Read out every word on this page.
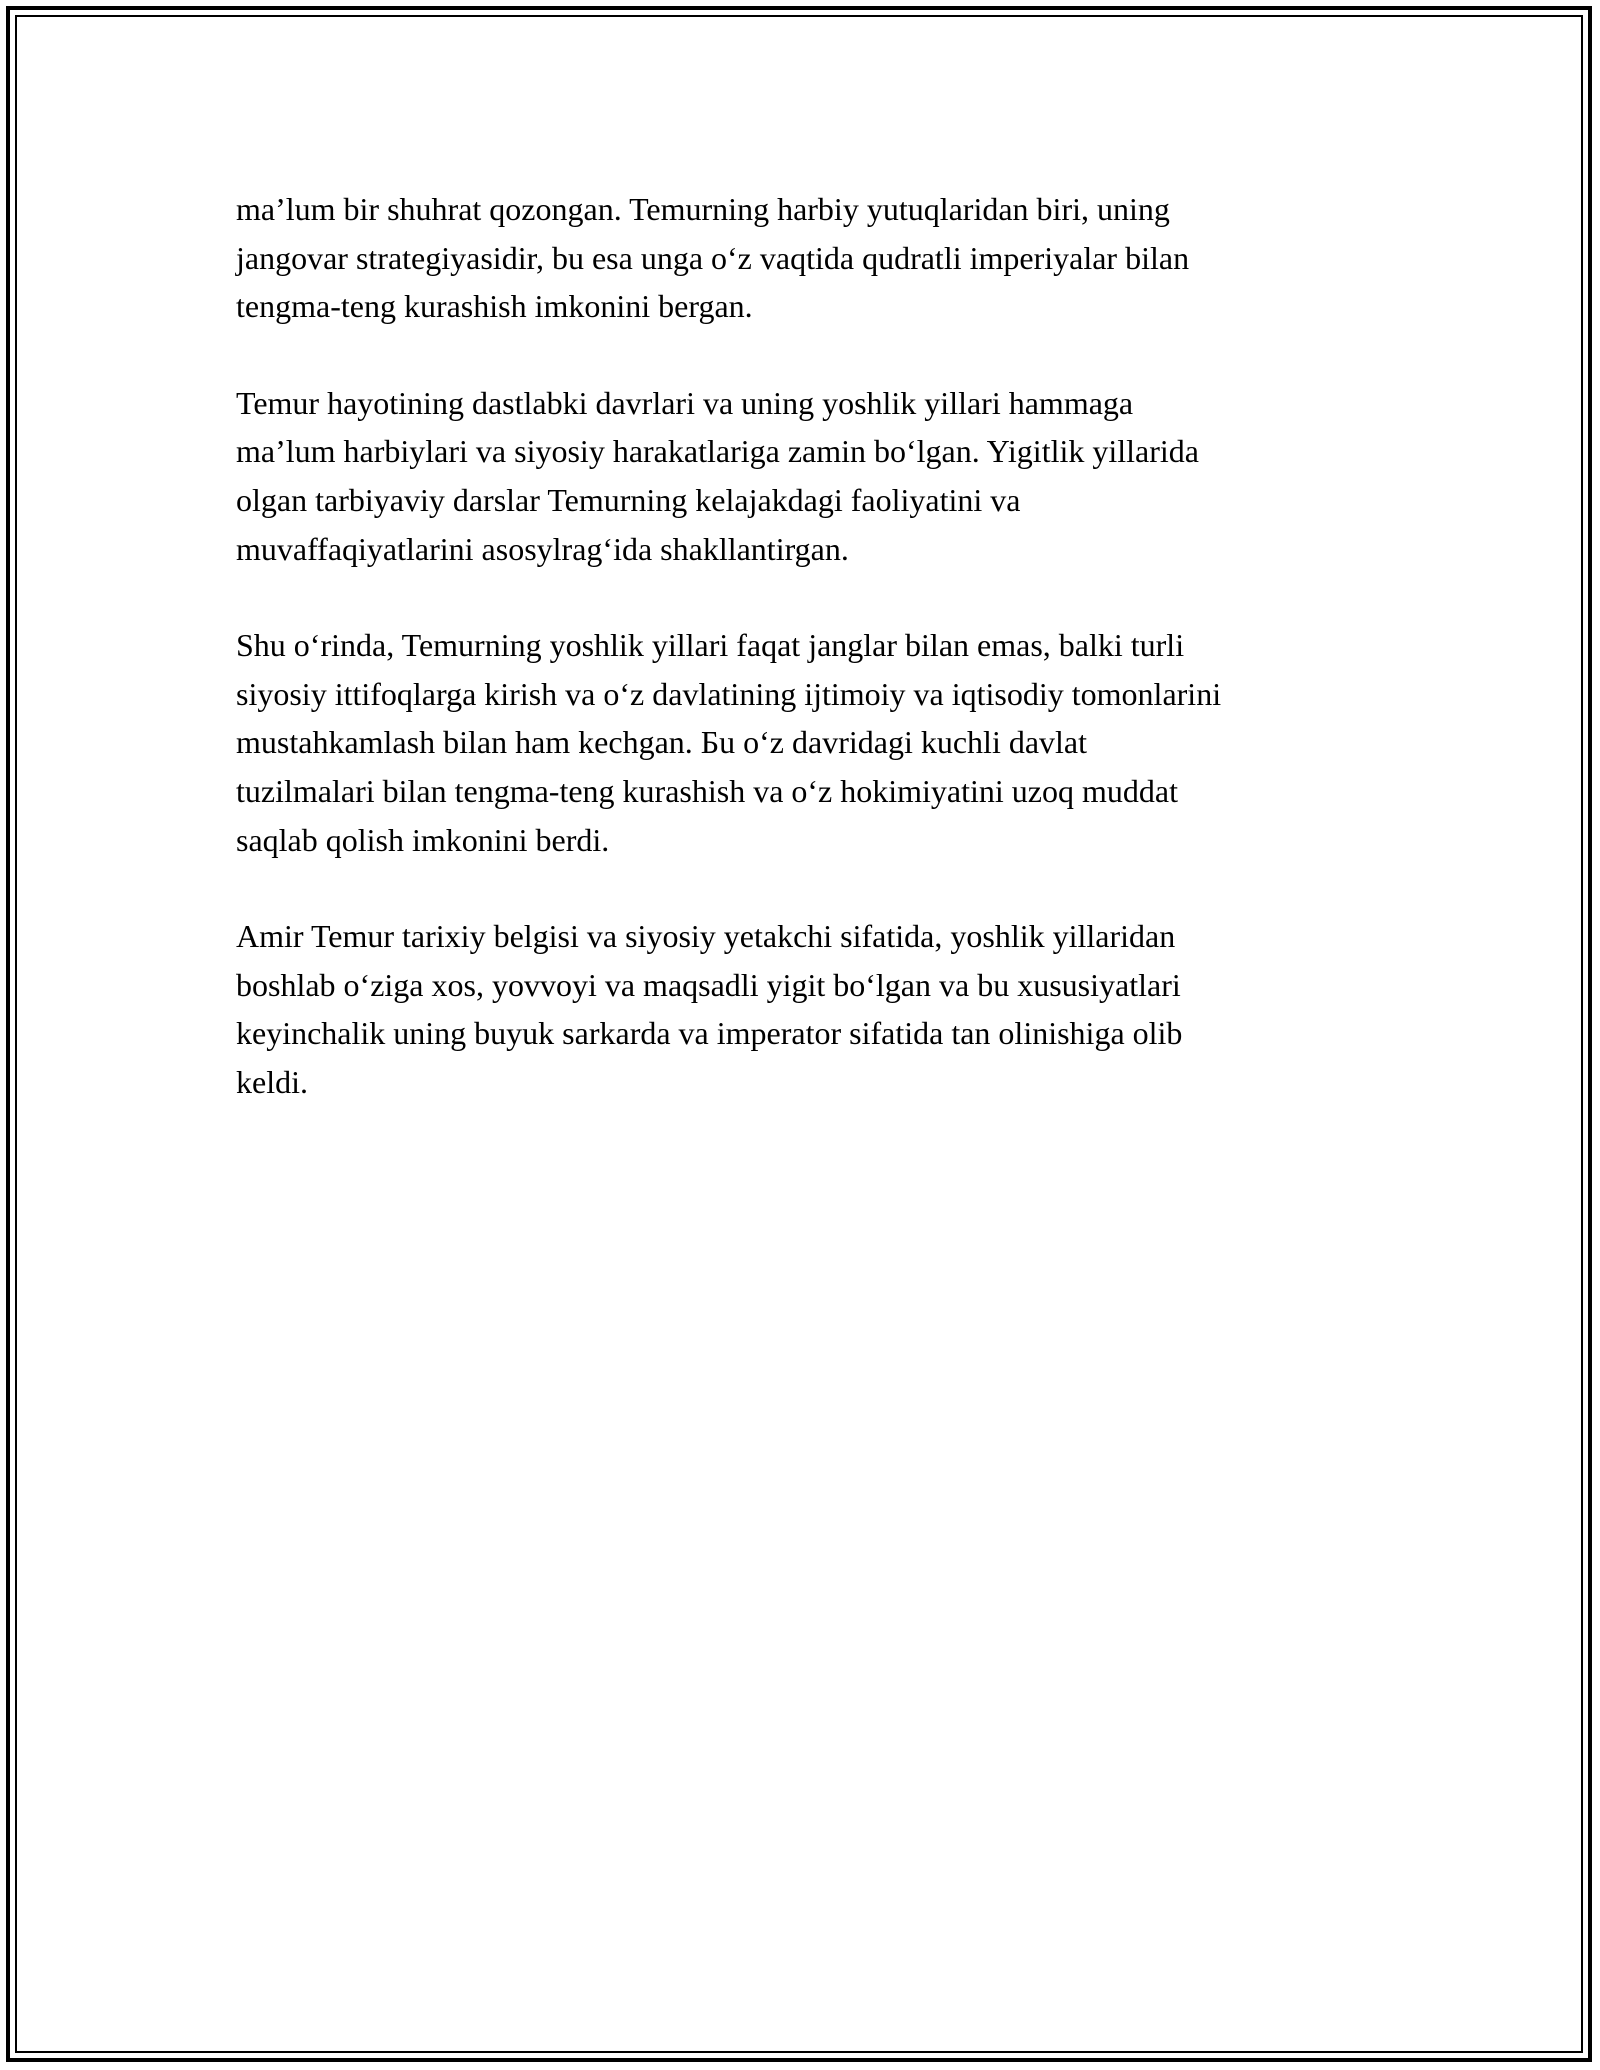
ma’lum bir shuhrat qozongan. Temurning harbiy yutuqlaridan biri, uning
jangovar strategiyasidir, bu esa unga o‘z vaqtida qudratli imperiyalar bilan
tengma-teng kurashish imkonini bergan.

Temur hayotining dastlabki davrlari va uning yoshlik yillari hammaga
ma’lum harbiylari va siyosiy harakatlariga zamin bo‘lgan. Yigitlik yillarida
olgan tarbiyaviy darslar Temurning kelajakdagi faoliyatini va
muvaffaqiyatlarini asosylrag‘ida shakllantirgan.

Shu o‘rinda, Temurning yoshlik yillari faqat janglar bilan emas, balki turli
siyosiy ittifoqlarga kirish va o‘z davlatining ijtimoiy va iqtisodiy tomonlarini
mustahkamlash bilan ham kechgan. Бu o‘z davridagi kuchli davlat
tuzilmalari bilan tengma-teng kurashish va o‘z hokimiyatini uzoq muddat
saqlab qolish imkonini berdi.

Amir Temur tarixiy belgisi va siyosiy yetakchi sifatida, yoshlik yillaridan
boshlab o‘ziga xos, yovvoyi va maqsadli yigit bo‘lgan va bu xususiyatlari
keyinchalik uning buyuk sarkarda va imperator sifatida tan olinishiga olib
keldi.
